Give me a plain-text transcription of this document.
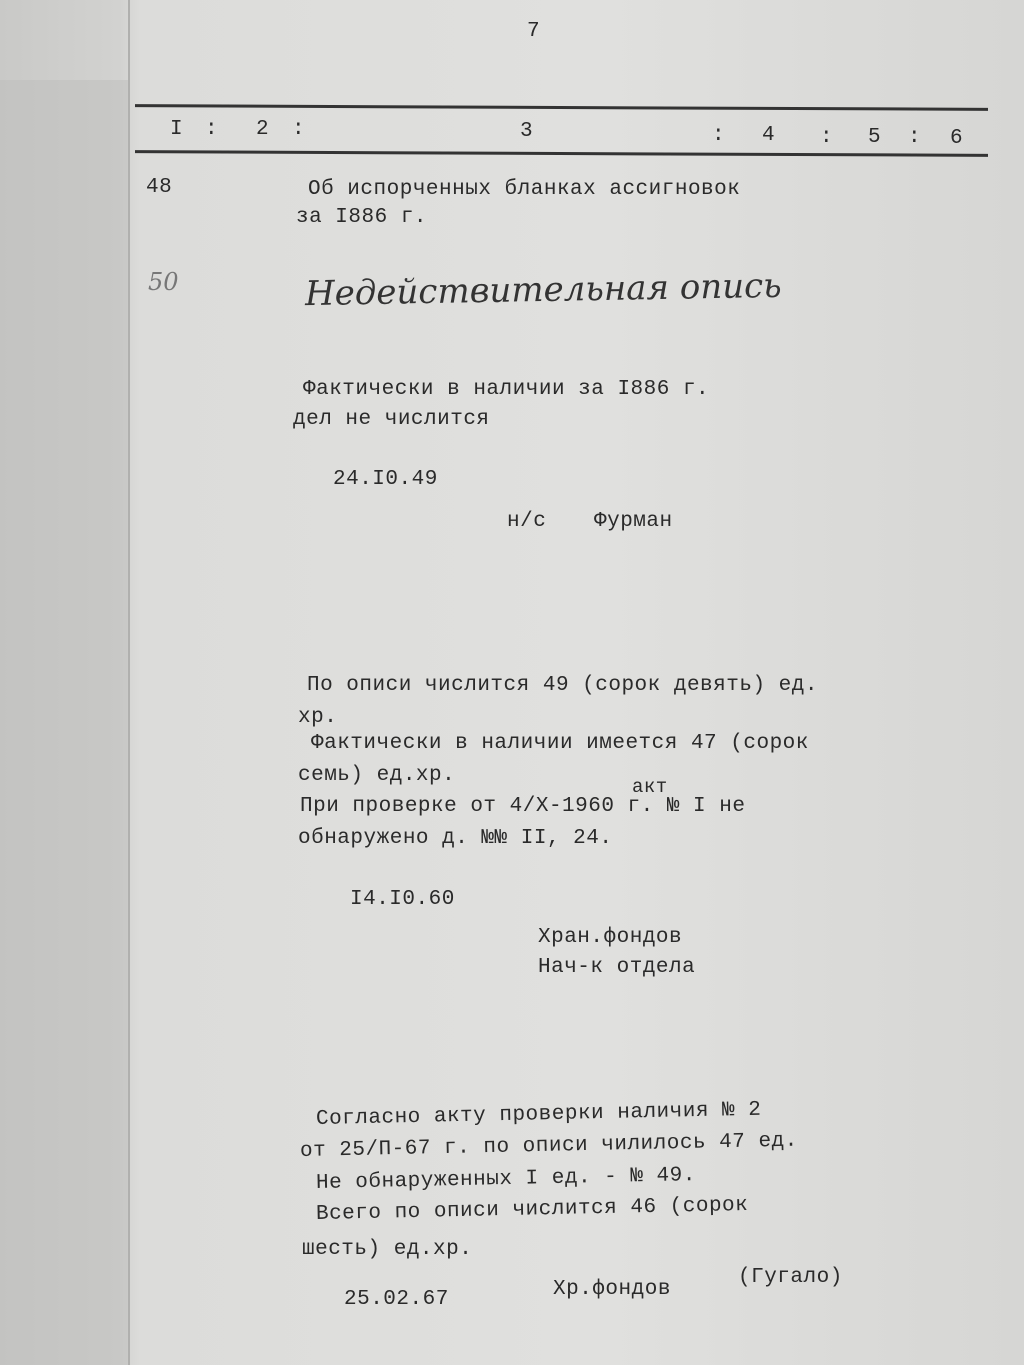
7
I : 2 :	3	: 4 : 5 : 6
48	Об испорченных бланках ассигновок
за I886 г.
50	Недействительная опись
Фактически в наличии за I886 г.
дел не числится
24.I0.49
н/с Фурман
По описи числится 49 (сорок девять) ед.
хр.
Фактически в наличии имеется 47 (сорок
семь) ед.хр.	акт
При проверке от 4/Х-1960 г. № I не
обнаружено д. №№ II, 24.
I4.I0.60
Хран.фондов
Нач-к отдела
Согласно акту проверки наличия № 2
от 25/П-67 г. по описи чилилось 47 ед.
Не обнаруженных I ед. - № 49.
Всего по описи числится 46 (сорок
шесть) ед.хр.
25.02.67	Хр.фондов
(Гугало)
